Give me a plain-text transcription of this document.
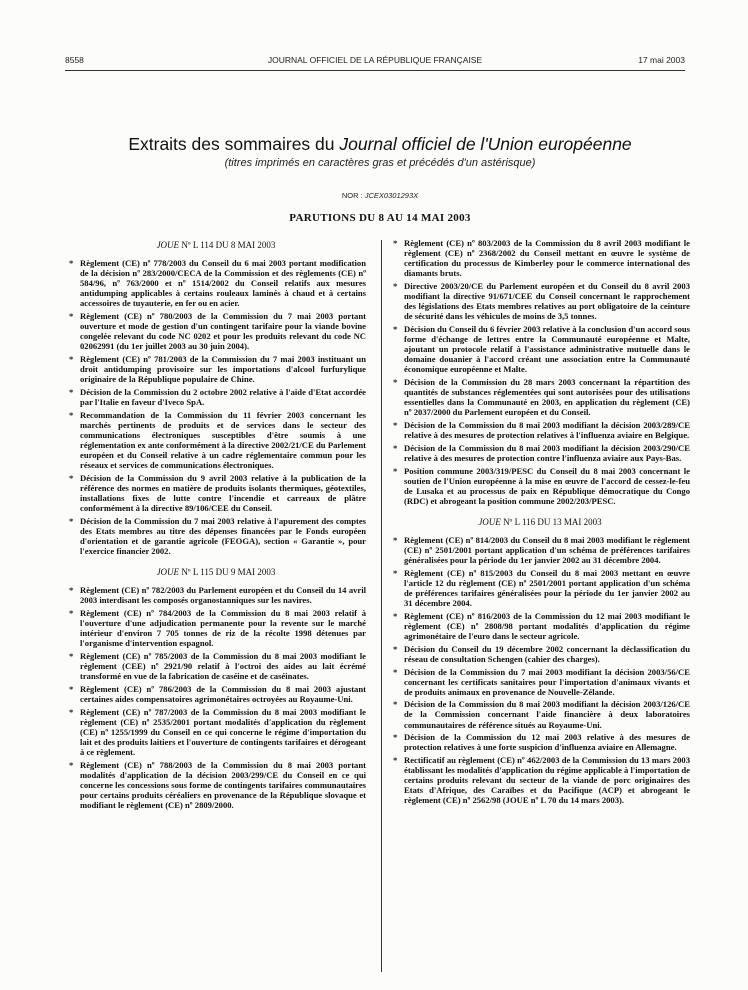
8558	JOURNAL OFFICIEL DE LA RÉPUBLIQUE FRANÇAISE	17 mai 2003
Extraits des sommaires du Journal officiel de l'Union européenne
(titres imprimés en caractères gras et précédés d'un astérisque)
NOR : JCEX0301293X
PARUTIONS DU 8 AU 14 MAI 2003
JOUE Nº L 114 DU 8 MAI 2003
* Règlement (CE) nº 778/2003 du Conseil du 6 mai 2003 portant modification de la décision nº 283/2000/CECA de la Commission et des règlements (CE) nº 584/96, nº 763/2000 et nº 1514/2002 du Conseil relatifs aux mesures antidumping applicables à certains rouleaux laminés à chaud et à certains accessoires de tuyauterie, en fer ou en acier.
* Règlement (CE) nº 780/2003 de la Commission du 7 mai 2003 portant ouverture et mode de gestion d'un contingent tarifaire pour la viande bovine congelée relevant du code NC 0202 et pour les produits relevant du code NC 02062991 (du 1er juillet 2003 au 30 juin 2004).
* Règlement (CE) nº 781/2003 de la Commission du 7 mai 2003 instituant un droit antidumping provisoire sur les importations d'alcool furfurylique originaire de la République populaire de Chine.
* Décision de la Commission du 2 octobre 2002 relative à l'aide d'Etat accordée par l'Italie en faveur d'Iveco SpA.
* Recommandation de la Commission du 11 février 2003 concernant les marchés pertinents de produits et de services dans le secteur des communications électroniques susceptibles d'être soumis à une réglementation ex ante conformément à la directive 2002/21/CE du Parlement européen et du Conseil relative à un cadre réglementaire commun pour les réseaux et services de communications électroniques.
* Décision de la Commission du 9 avril 2003 relative à la publication de la référence des normes en matière de produits isolants thermiques, géotextiles, installations fixes de lutte contre l'incendie et carreaux de plâtre conformément à la directive 89/106/CEE du Conseil.
* Décision de la Commission du 7 mai 2003 relative à l'apurement des comptes des Etats membres au titre des dépenses financées par le Fonds européen d'orientation et de garantie agricole (FEOGA), section « Garantie », pour l'exercice financier 2002.
JOUE Nº L 115 DU 9 MAI 2003
* Règlement (CE) nº 782/2003 du Parlement européen et du Conseil du 14 avril 2003 interdisant les composés organostanniques sur les navires.
* Règlement (CE) nº 784/2003 de la Commission du 8 mai 2003 relatif à l'ouverture d'une adjudication permanente pour la revente sur le marché intérieur d'environ 7 705 tonnes de riz de la récolte 1998 détenues par l'organisme d'intervention espagnol.
* Règlement (CE) nº 785/2003 de la Commission du 8 mai 2003 modifiant le règlement (CEE) nº 2921/90 relatif à l'octroi des aides au lait écrémé transformé en vue de la fabrication de caséine et de caséinates.
* Règlement (CE) nº 786/2003 de la Commission du 8 mai 2003 ajustant certaines aides compensatoires agrimonétaires octroyées au Royaume-Uni.
* Règlement (CE) nº 787/2003 de la Commission du 8 mai 2003 modifiant le règlement (CE) nº 2535/2001 portant modalités d'application du règlement (CE) nº 1255/1999 du Conseil en ce qui concerne le régime d'importation du lait et des produits laitiers et l'ouverture de contingents tarifaires et dérogeant à ce règlement.
* Règlement (CE) nº 788/2003 de la Commission du 8 mai 2003 portant modalités d'application de la décision 2003/299/CE du Conseil en ce qui concerne les concessions sous forme de contingents tarifaires communautaires pour certains produits céréaliers en provenance de la République slovaque et modifiant le règlement (CE) nº 2809/2000.
* Règlement (CE) nº 803/2003 de la Commission du 8 avril 2003 modifiant le règlement (CE) nº 2368/2002 du Conseil mettant en œuvre le système de certification du processus de Kimberley pour le commerce international des diamants bruts.
* Directive 2003/20/CE du Parlement européen et du Conseil du 8 avril 2003 modifiant la directive 91/671/CEE du Conseil concernant le rapprochement des législations des Etats membres relatives au port obligatoire de la ceinture de sécurité dans les véhicules de moins de 3,5 tonnes.
* Décision du Conseil du 6 février 2003 relative à la conclusion d'un accord sous forme d'échange de lettres entre la Communauté européenne et Malte, ajoutant un protocole relatif à l'assistance administrative mutuelle dans le domaine douanier à l'accord créant une association entre la Communauté économique européenne et Malte.
* Décision de la Commission du 28 mars 2003 concernant la répartition des quantités de substances réglementées qui sont autorisées pour des utilisations essentielles dans la Communauté en 2003, en application du règlement (CE) nº 2037/2000 du Parlement européen et du Conseil.
* Décision de la Commission du 8 mai 2003 modifiant la décision 2003/289/CE relative à des mesures de protection relatives à l'influenza aviaire en Belgique.
* Décision de la Commission du 8 mai 2003 modifiant la décision 2003/290/CE relative à des mesures de protection contre l'influenza aviaire aux Pays-Bas.
* Position commune 2003/319/PESC du Conseil du 8 mai 2003 concernant le soutien de l'Union européenne à la mise en œuvre de l'accord de cessez-le-feu de Lusaka et au processus de paix en République démocratique du Congo (RDC) et abrogeant la position commune 2002/203/PESC.
JOUE Nº L 116 DU 13 MAI 2003
* Règlement (CE) nº 814/2003 du Conseil du 8 mai 2003 modifiant le règlement (CE) nº 2501/2001 portant application d'un schéma de préférences tarifaires généralisées pour la période du 1er janvier 2002 au 31 décembre 2004.
* Règlement (CE) nº 815/2003 du Conseil du 8 mai 2003 mettant en œuvre l'article 12 du règlement (CE) nº 2501/2001 portant application d'un schéma de préférences tarifaires généralisées pour la période du 1er janvier 2002 au 31 décembre 2004.
* Règlement (CE) nº 816/2003 de la Commission du 12 mai 2003 modifiant le règlement (CE) nº 2808/98 portant modalités d'application du régime agrimonétaire de l'euro dans le secteur agricole.
* Décision du Conseil du 19 décembre 2002 concernant la déclassification du réseau de consultation Schengen (cahier des charges).
* Décision de la Commission du 7 mai 2003 modifiant la décision 2003/56/CE concernant les certificats sanitaires pour l'importation d'animaux vivants et de produits animaux en provenance de Nouvelle-Zélande.
* Décision de la Commission du 8 mai 2003 modifiant la décision 2003/126/CE de la Commission concernant l'aide financière à deux laboratoires communautaires de référence situés au Royaume-Uni.
* Décision de la Commission du 12 mai 2003 relative à des mesures de protection relatives à une forte suspicion d'influenza aviaire en Allemagne.
* Rectificatif au règlement (CE) nº 462/2003 de la Commission du 13 mars 2003 établissant les modalités d'application du régime applicable à l'importation de certains produits relevant du secteur de la viande de porc originaires des Etats d'Afrique, des Caraïbes et du Pacifique (ACP) et abrogeant le règlement (CE) nº 2562/98 (JOUE nº L 70 du 14 mars 2003).
